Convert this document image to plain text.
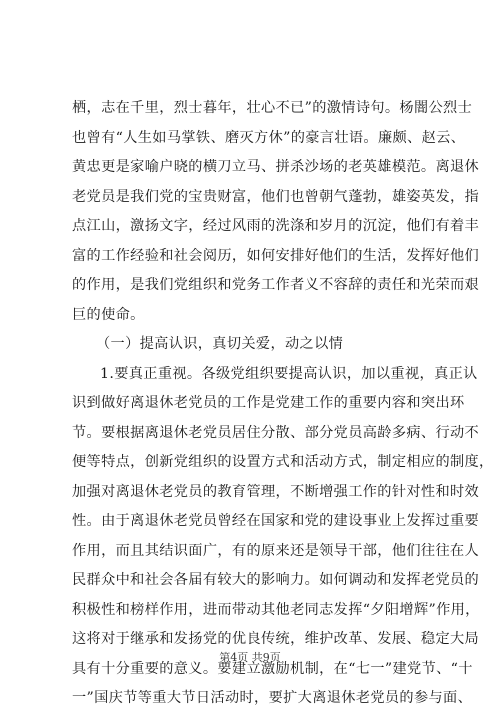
栖，志在千里，烈士暮年，壮心不已”的激情诗句。杨闇公烈士
也曾有“人生如马掌铁、磨灭方休”的豪言壮语。廉颇、赵云、
黄忠更是家喻户晓的横刀立马、拼杀沙场的老英雄模范。离退休
老党员是我们党的宝贵财富，他们也曾朝气蓬勃，雄姿英发，指
点江山，激扬文字，经过风雨的洗涤和岁月的沉淀，他们有着丰
富的工作经验和社会阅历，如何安排好他们的生活，发挥好他们
的作用，是我们党组织和党务工作者义不容辞的责任和光荣而艰
巨的使命。
（一）提高认识，真切关爱，动之以情
1.要真正重视。各级党组织要提高认识，加以重视，真正认
识到做好离退休老党员的工作是党建工作的重要内容和突出环
节。要根据离退休老党员居住分散、部分党员高龄多病、行动不
便等特点，创新党组织的设置方式和活动方式，制定相应的制度，
加强对离退休老党员的教育管理，不断增强工作的针对性和时效
性。由于离退休老党员曾经在国家和党的建设事业上发挥过重要
作用，而且其结识面广，有的原来还是领导干部，他们往往在人
民群众中和社会各届有较大的影响力。如何调动和发挥老党员的
积极性和榜样作用，进而带动其他老同志发挥“夕阳增辉”作用，
这将对于继承和发扬党的优良传统，维护改革、发展、稳定大局
具有十分重要的意义。要建立激励机制，在“七一”建党节、“十
一”国庆节等重大节日活动时，要扩大离退休老党员的参与面、
第4页 共9页
